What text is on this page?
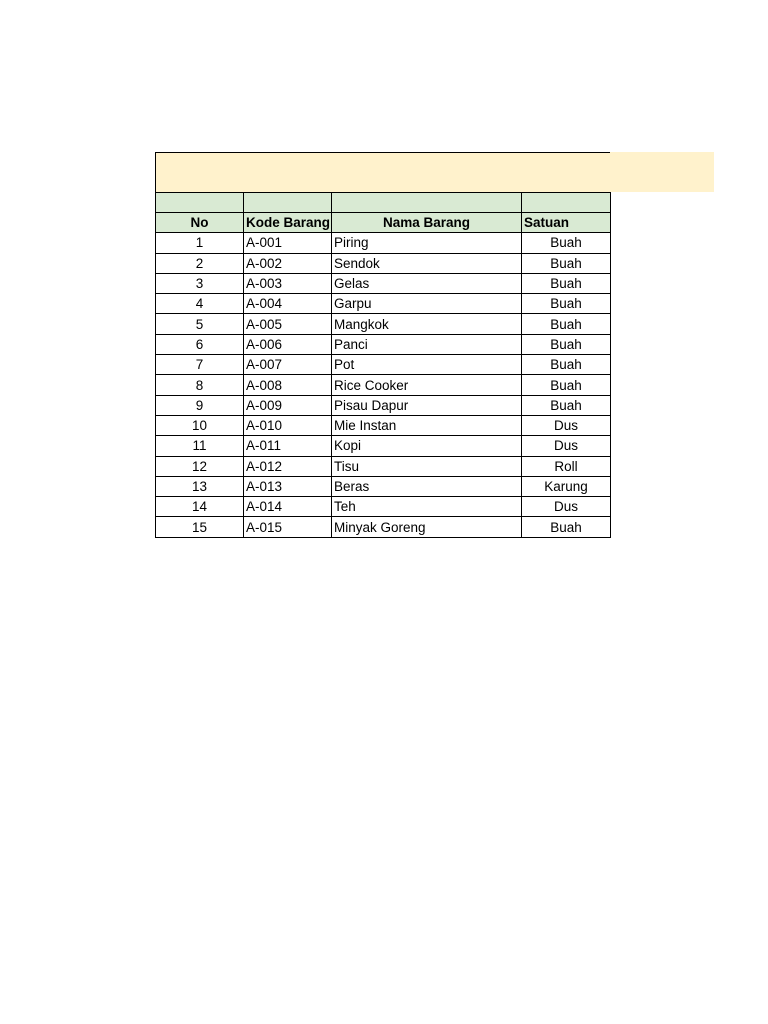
No	Kode Barang	Nama Barang	Satuan
1	A-001	Piring	Buah
2	A-002	Sendok	Buah
3	A-003	Gelas	Buah
4	A-004	Garpu	Buah
5	A-005	Mangkok	Buah
6	A-006	Panci	Buah
7	A-007	Pot	Buah
8	A-008	Rice Cooker	Buah
9	A-009	Pisau Dapur	Buah
10	A-010	Mie Instan	Dus
11	A-011	Kopi	Dus
12	A-012	Tisu	Roll
13	A-013	Beras	Karung
14	A-014	Teh	Dus
15	A-015	Minyak Goreng	Buah
